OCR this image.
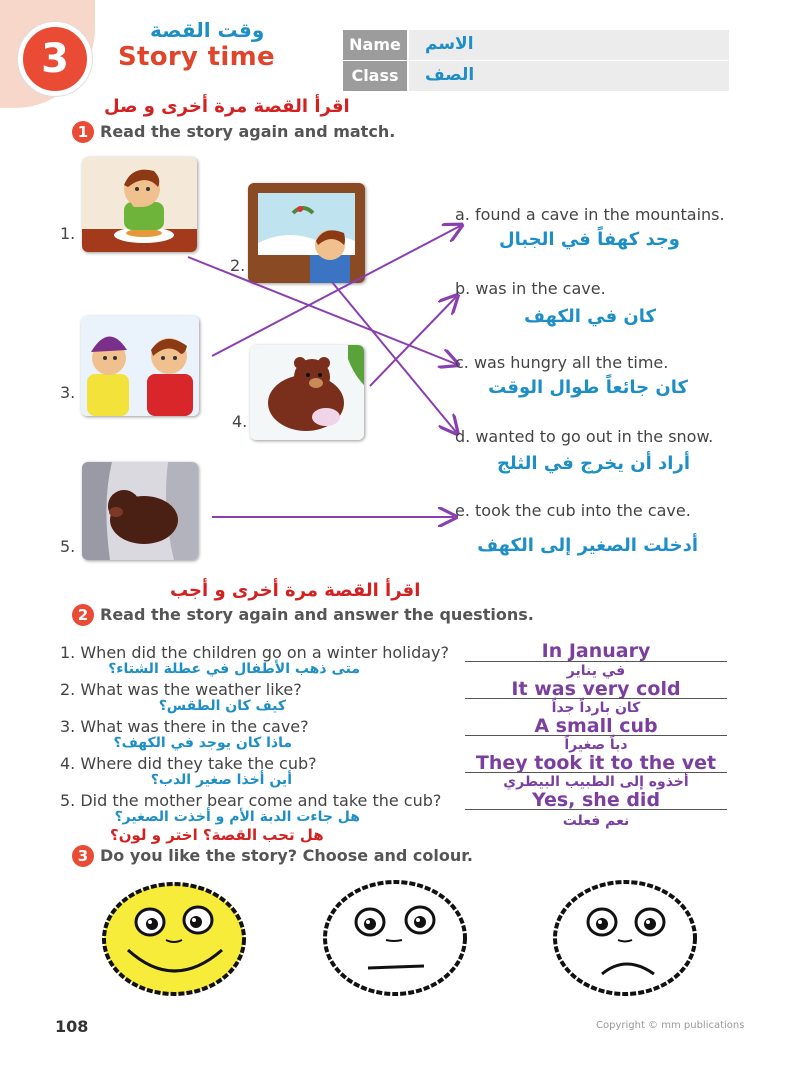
3
وقت القصة
Story time	Name	الاسم
Class	الصف
اقرأ القصة مرة أخرى و صل
1 Read the story again and match.
1.
2.
3.
4.
5.
a. found a cave in the mountains.
وجد كهفاً في الجبال
b. was in the cave.
كان في الكهف
c. was hungry all the time.
كان جائعاً طوال الوقت
d. wanted to go out in the snow.
أراد أن يخرج في الثلج
e. took the cub into the cave.
أدخلت الصغير إلى الكهف
اقرأ القصة مرة أخرى و أجب
2 Read the story again and answer the questions.
1. When did the children go on a winter holiday?
متى ذهب الأطفال في عطلة الشتاء؟
In January
في يناير
2. What was the weather like?
كيف كان الطقس؟
It was very cold
كان بارداً جداً
3. What was there in the cave?
ماذا كان يوجد في الكهف؟
A small cub
دباً صغيراً
4. Where did they take the cub?
أين أخذا صغير الدب؟
They took it to the vet
أخذوه إلى الطبيب البيطري
5. Did the mother bear come and take the cub?
هل جاءت الدبة الأم و أخذت الصغير؟
Yes, she did
نعم فعلت
هل تحب القصة؟ اختر و لون؟
3 Do you like the story? Choose and colour.
108	Copyright © mm publications
